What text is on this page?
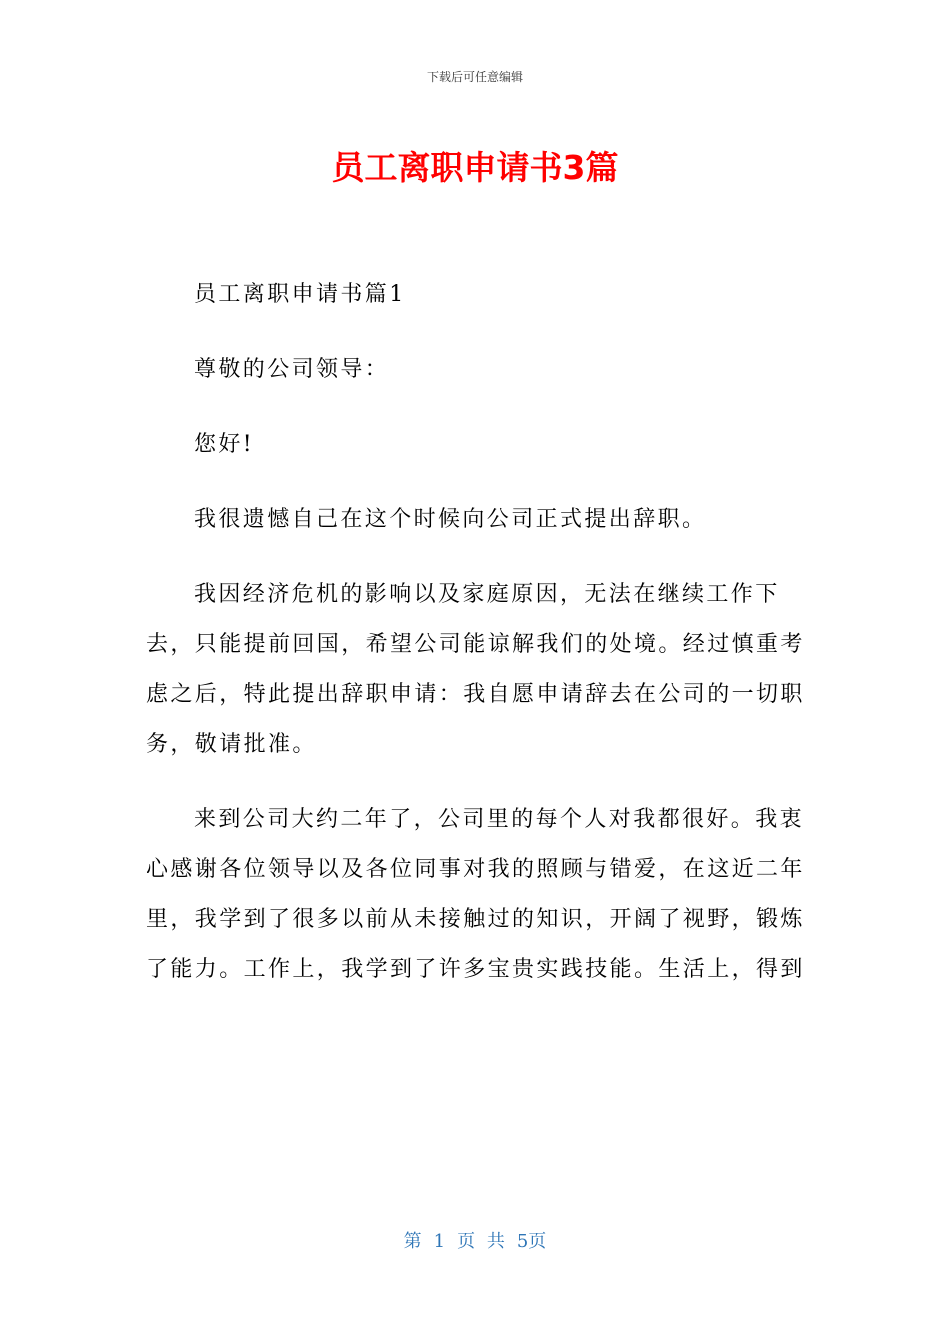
下载后可任意编辑
员工离职申请书3篇

员工离职申请书篇1

尊敬的公司领导：

您好!

我很遗憾自己在这个时候向公司正式提出辞职。

我因经济危机的影响以及家庭原因，无法在继续工作下去，只能提前回国，希望公司能谅解我们的处境。经过慎重考虑之后，特此提出辞职申请：我自愿申请辞去在公司的一切职务，敬请批准。

来到公司大约二年了，公司里的每个人对我都很好。我衷心感谢各位领导以及各位同事对我的照顾与错爱，在这近二年里，我学到了很多以前从未接触过的知识，开阔了视野，锻炼了能力。工作上，我学到了许多宝贵实践技能。生活上，得到

第 1 页 共 5页
